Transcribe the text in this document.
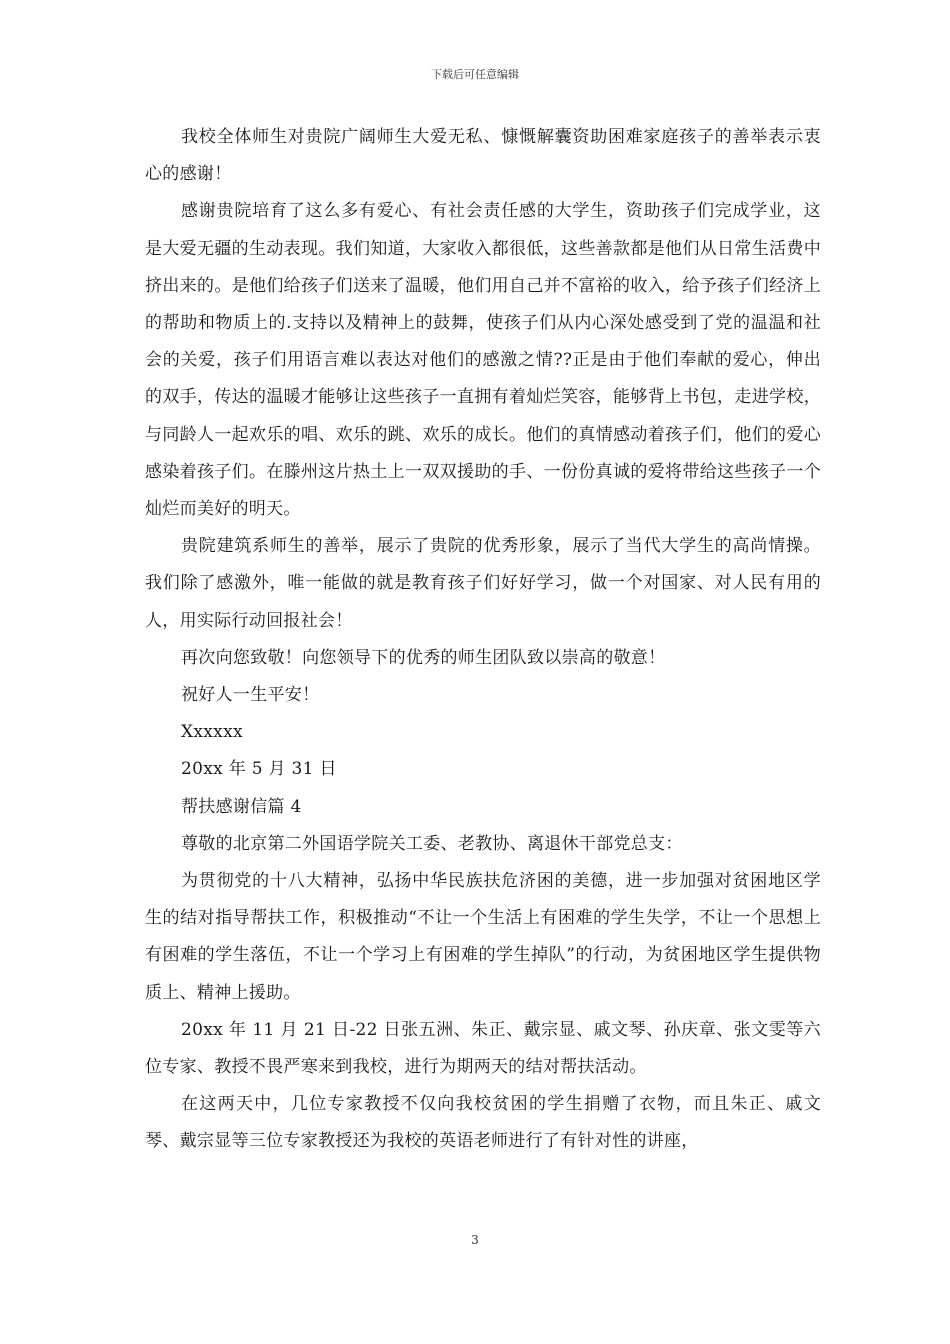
下载后可任意编辑

我校全体师生对贵院广阔师生大爱无私、慷慨解囊资助困难家庭孩子的善举表示衷心的感谢！

感谢贵院培育了这么多有爱心、有社会责任感的大学生，资助孩子们完成学业，这是大爱无疆的生动表现。我们知道，大家收入都很低，这些善款都是他们从日常生活费中挤出来的。是他们给孩子们送来了温暖，他们用自己并不富裕的收入，给予孩子们经济上的帮助和物质上的.支持以及精神上的鼓舞，使孩子们从内心深处感受到了党的温温和社会的关爱，孩子们用语言难以表达对他们的感激之情??正是由于他们奉献的爱心，伸出的双手，传达的温暖才能够让这些孩子一直拥有着灿烂笑容，能够背上书包，走进学校，与同龄人一起欢乐的唱、欢乐的跳、欢乐的成长。他们的真情感动着孩子们，他们的爱心感染着孩子们。在滕州这片热土上一双双援助的手、一份份真诚的爱将带给这些孩子一个灿烂而美好的明天。

贵院建筑系师生的善举，展示了贵院的优秀形象，展示了当代大学生的高尚情操。我们除了感激外，唯一能做的就是教育孩子们好好学习，做一个对国家、对人民有用的人，用实际行动回报社会！

再次向您致敬！向您领导下的优秀的师生团队致以崇高的敬意！

祝好人一生平安！

Xxxxxx

20xx 年 5 月 31 日

帮扶感谢信篇 4

尊敬的北京第二外国语学院关工委、老教协、离退休干部党总支：

为贯彻党的十八大精神，弘扬中华民族扶危济困的美德，进一步加强对贫困地区学生的结对指导帮扶工作，积极推动“不让一个生活上有困难的学生失学，不让一个思想上有困难的学生落伍，不让一个学习上有困难的学生掉队”的行动，为贫困地区学生提供物质上、精神上援助。

20xx 年 11 月 21 日-22 日张五洲、朱正、戴宗显、戚文琴、孙庆章、张文雯等六位专家、教授不畏严寒来到我校，进行为期两天的结对帮扶活动。

在这两天中，几位专家教授不仅向我校贫困的学生捐赠了衣物，而且朱正、戚文琴、戴宗显等三位专家教授还为我校的英语老师进行了有针对性的讲座，

3
